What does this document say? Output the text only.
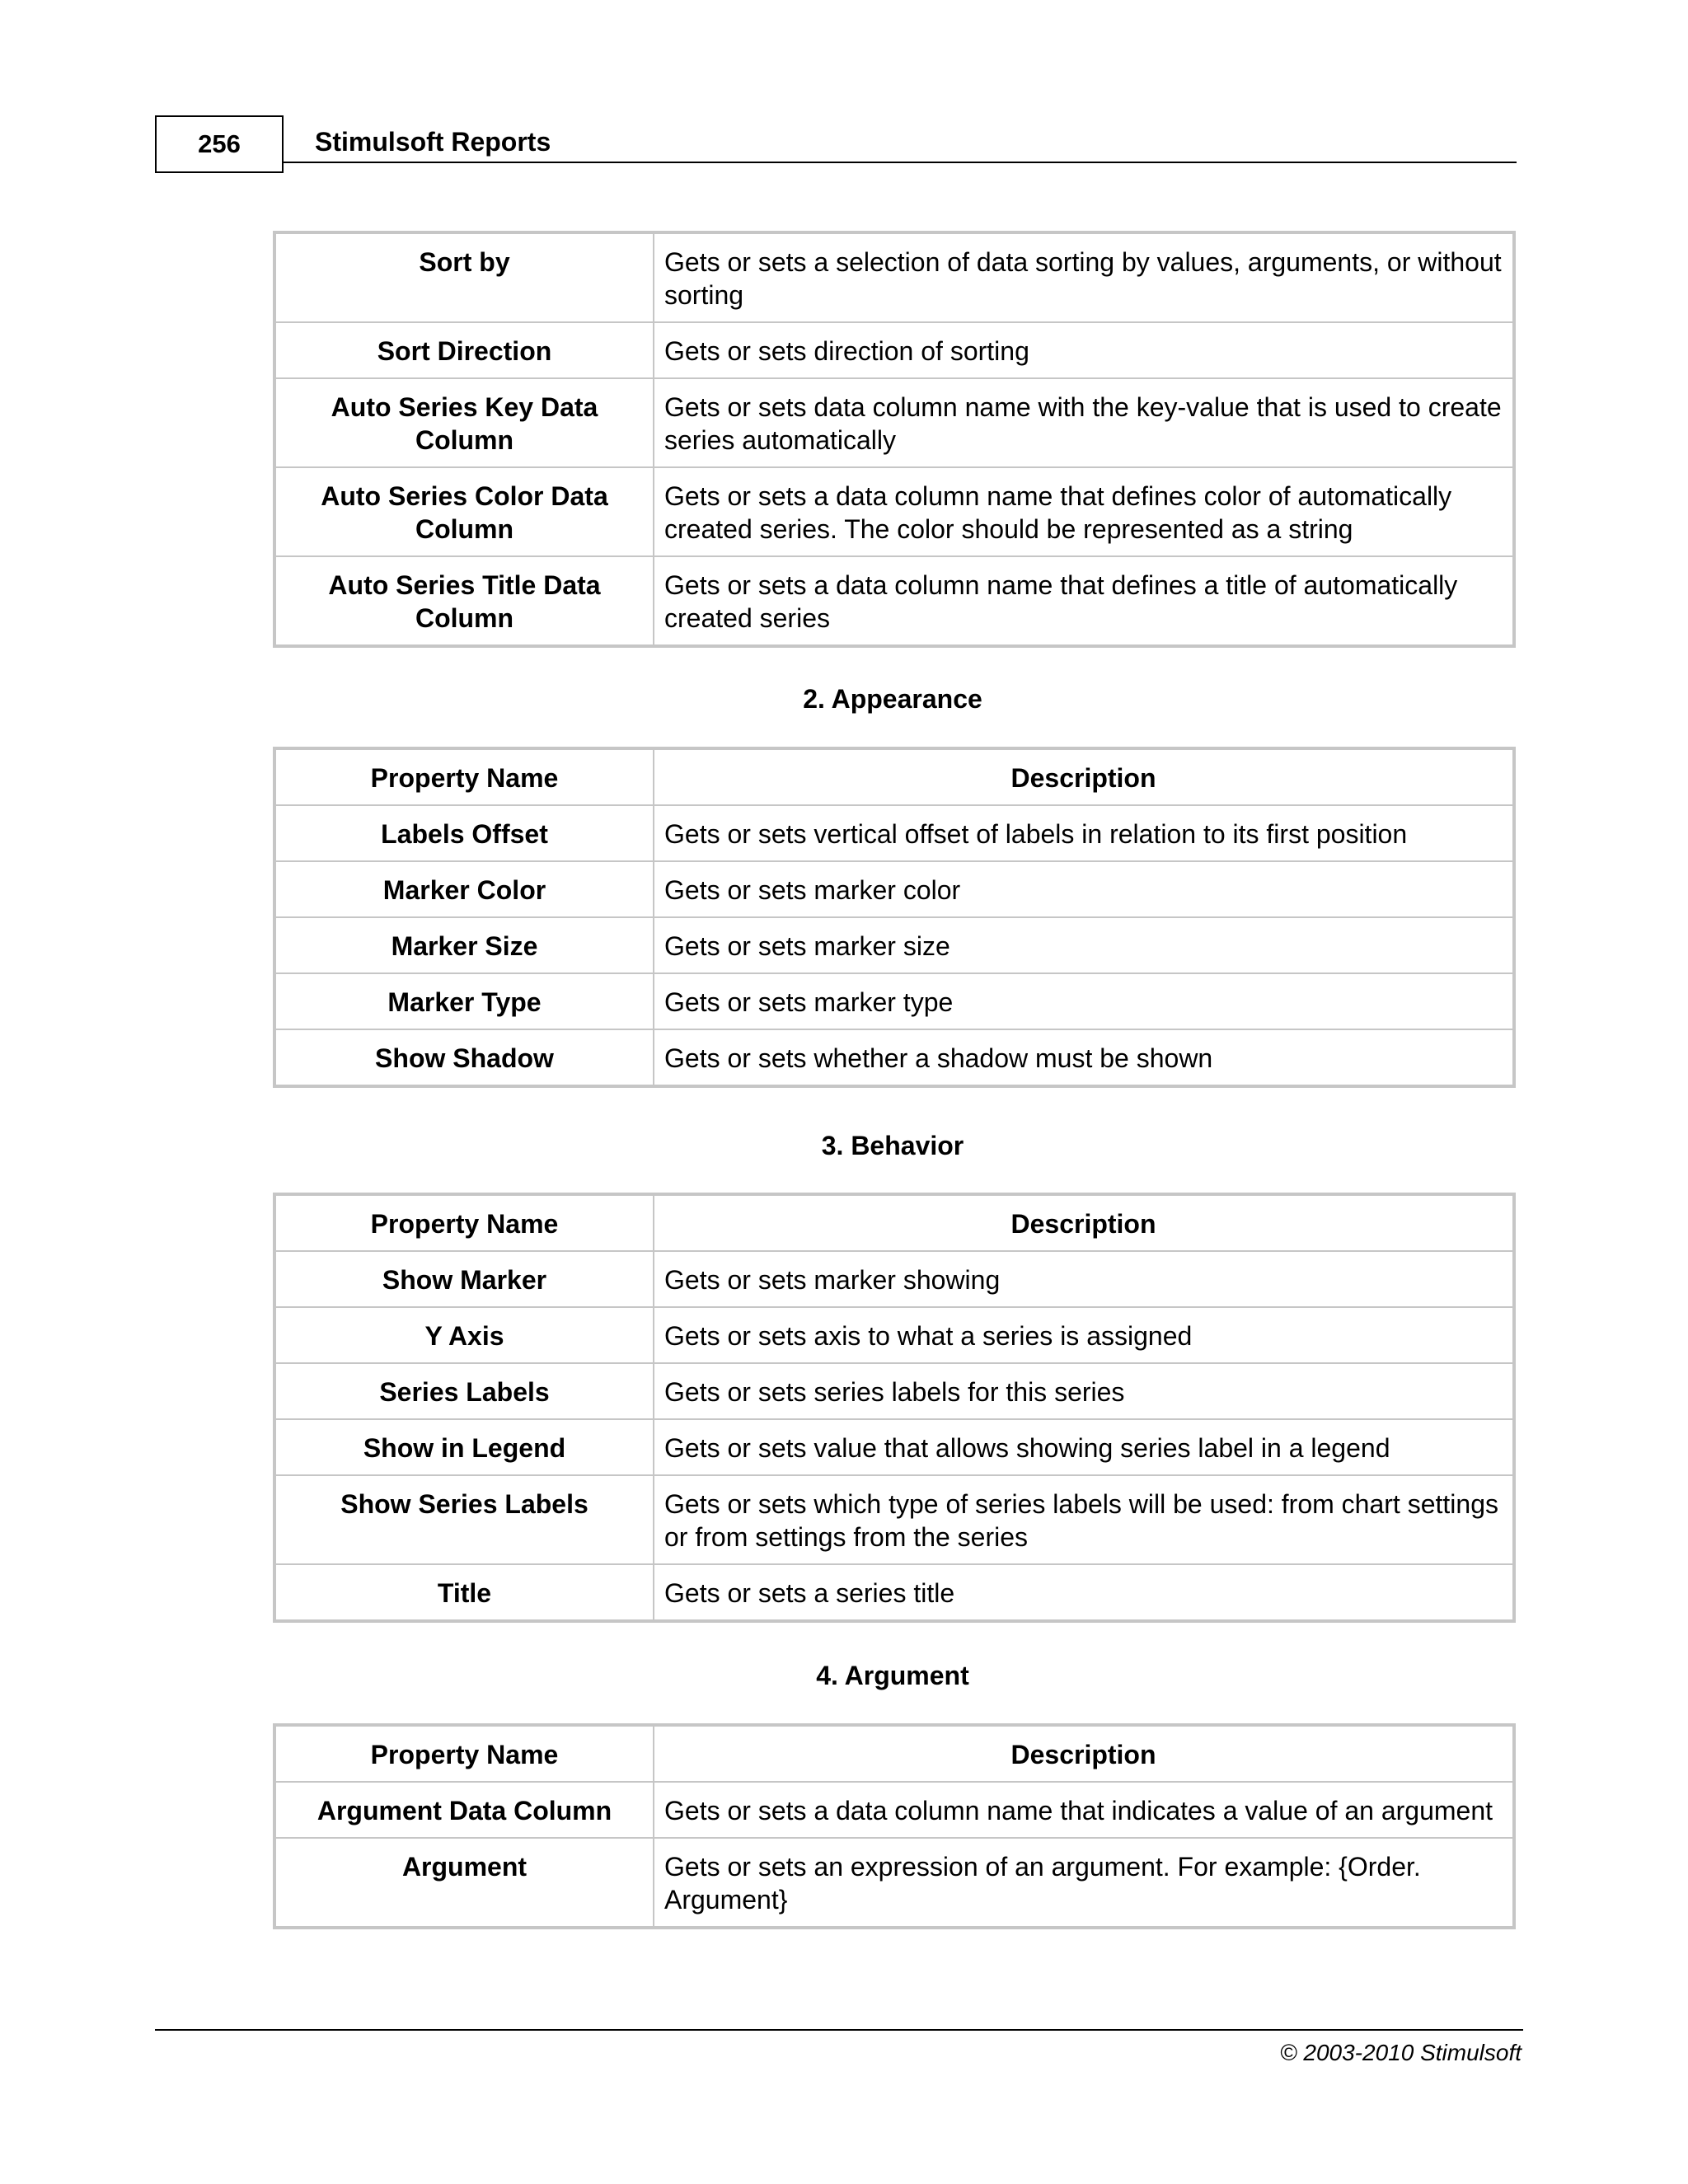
256	Stimulsoft Reports
Sort by	Gets or sets a selection of data sorting by values, arguments, or without sorting
Sort Direction	Gets or sets direction of sorting
Auto Series Key Data Column	Gets or sets data column name with the key-value that is used to create series automatically
Auto Series Color Data Column	Gets or sets a data column name that defines color of automatically created series. The color should be represented as a string
Auto Series Title Data Column	Gets or sets a data column name that defines a title of automatically created series
2. Appearance
Property Name	Description
Labels Offset	Gets or sets vertical offset of labels in relation to its first position
Marker Color	Gets or sets marker color
Marker Size	Gets or sets marker size
Marker Type	Gets or sets marker type
Show Shadow	Gets or sets whether a shadow must be shown
3. Behavior
Property Name	Description
Show Marker	Gets or sets marker showing
Y Axis	Gets or sets axis to what a series is assigned
Series Labels	Gets or sets series labels for this series
Show in Legend	Gets or sets value that allows showing series label in a legend
Show Series Labels	Gets or sets which type of series labels will be used: from chart settings or from settings from the series
Title	Gets or sets a series title
4. Argument
Property Name	Description
Argument Data Column	Gets or sets a data column name that indicates a value of an argument
Argument	Gets or sets an expression of an argument. For example: {Order. Argument}
© 2003-2010 Stimulsoft
